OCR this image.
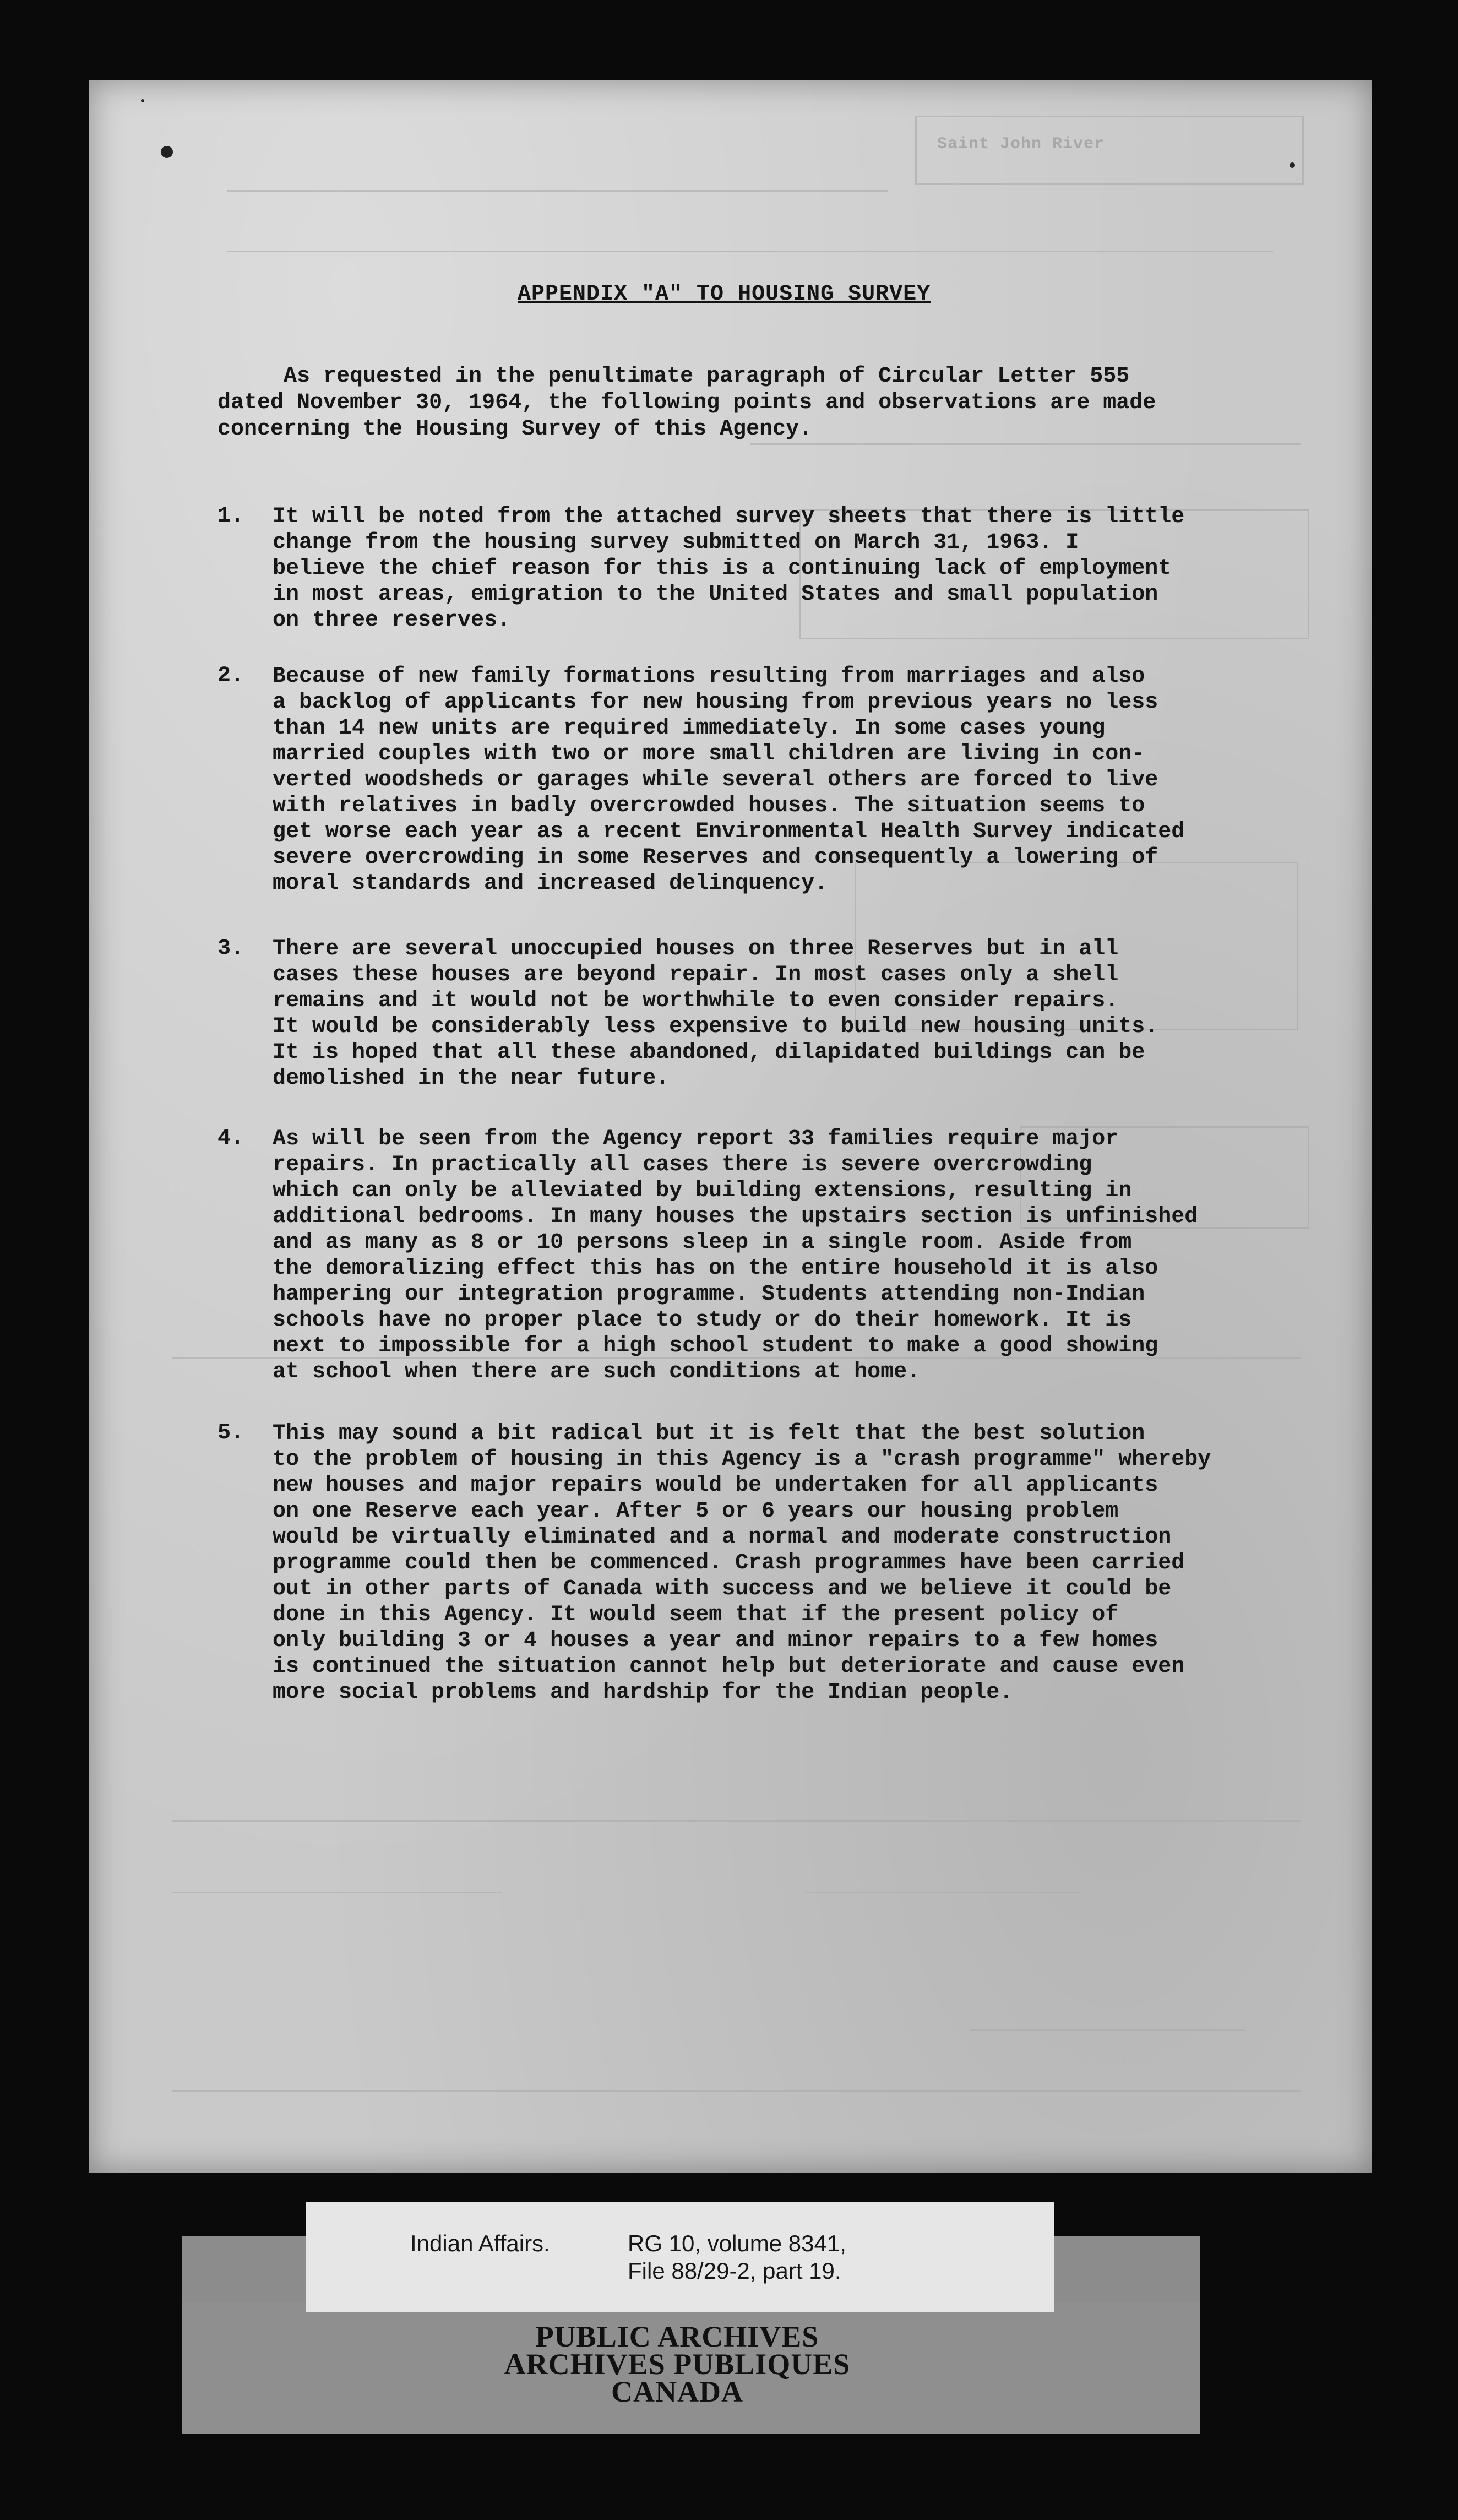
Saint John River
APPENDIX "A" TO HOUSING SURVEY
As requested in the penultimate paragraph of Circular Letter 555
dated November 30, 1964, the following points and observations are made
concerning the Housing Survey of this Agency.
1. It will be noted from the attached survey sheets that there is little
change from the housing survey submitted on March 31, 1963. I
believe the chief reason for this is a continuing lack of employment
in most areas, emigration to the United States and small population
on three reserves.
2. Because of new family formations resulting from marriages and also
a backlog of applicants for new housing from previous years no less
than 14 new units are required immediately. In some cases young
married couples with two or more small children are living in con-
verted woodsheds or garages while several others are forced to live
with relatives in badly overcrowded houses. The situation seems to
get worse each year as a recent Environmental Health Survey indicated
severe overcrowding in some Reserves and consequently a lowering of
moral standards and increased delinquency.
3. There are several unoccupied houses on three Reserves but in all
cases these houses are beyond repair. In most cases only a shell
remains and it would not be worthwhile to even consider repairs.
It would be considerably less expensive to build new housing units.
It is hoped that all these abandoned, dilapidated buildings can be
demolished in the near future.
4. As will be seen from the Agency report 33 families require major
repairs. In practically all cases there is severe overcrowding
which can only be alleviated by building extensions, resulting in
additional bedrooms. In many houses the upstairs section is unfinished
and as many as 8 or 10 persons sleep in a single room. Aside from
the demoralizing effect this has on the entire household it is also
hampering our integration programme. Students attending non-Indian
schools have no proper place to study or do their homework. It is
next to impossible for a high school student to make a good showing
at school when there are such conditions at home.
5. This may sound a bit radical but it is felt that the best solution
to the problem of housing in this Agency is a "crash programme" whereby
new houses and major repairs would be undertaken for all applicants
on one Reserve each year. After 5 or 6 years our housing problem
would be virtually eliminated and a normal and moderate construction
programme could then be commenced. Crash programmes have been carried
out in other parts of Canada with success and we believe it could be
done in this Agency. It would seem that if the present policy of
only building 3 or 4 houses a year and minor repairs to a few homes
is continued the situation cannot help but deteriorate and cause even
more social problems and hardship for the Indian people.
Indian Affairs.	RG 10, volume 8341,
File 88/29-2, part 19.
PUBLIC ARCHIVES
ARCHIVES PUBLIQUES
CANADA
